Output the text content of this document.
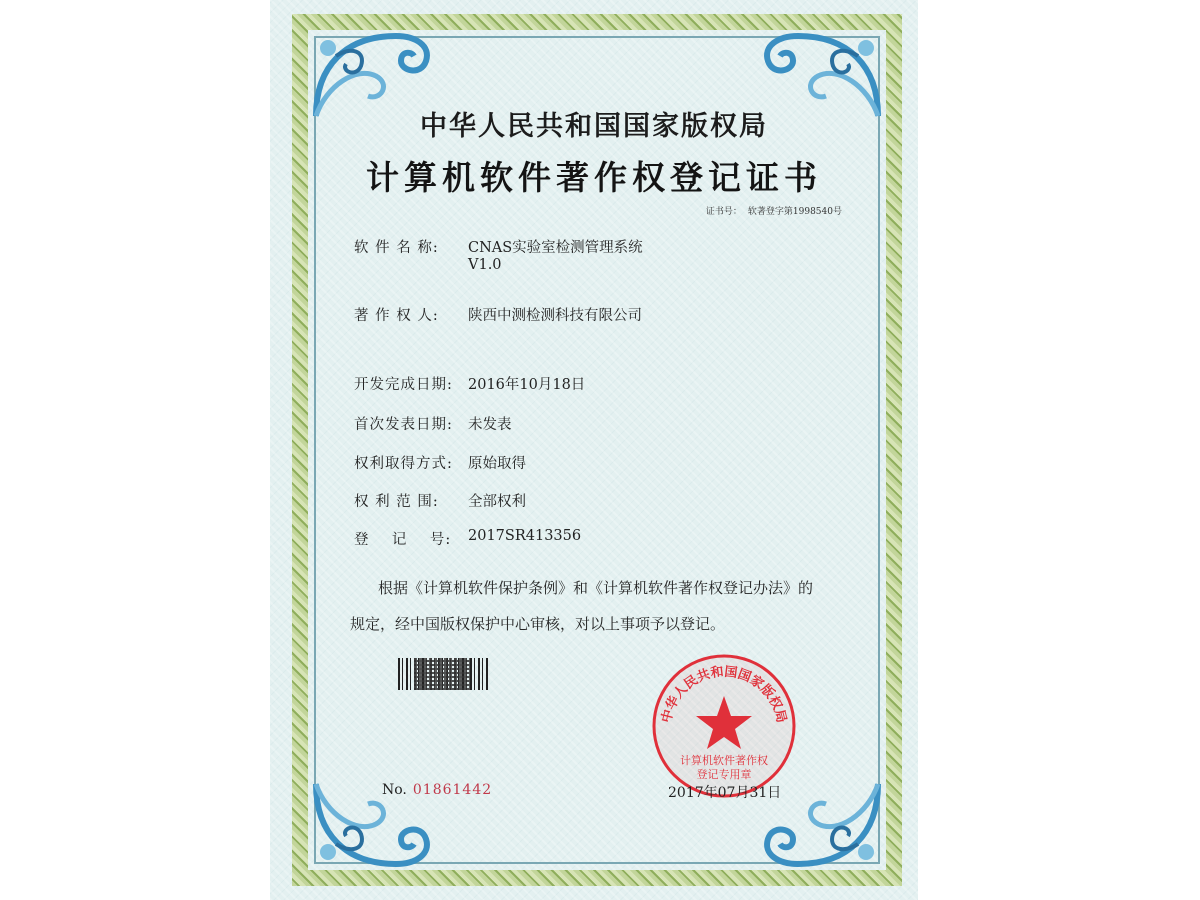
中华人民共和国国家版权局
计算机软件著作权登记证书
证书号： 软著登字第1998540号
软 件 名 称: CNAS实验室检测管理系统
V1.0
著 作 权 人: 陕西中测检测科技有限公司
开发完成日期: 2016年10月18日
首次发表日期: 未发表
权利取得方式: 原始取得
权 利 范 围: 全部权利
登    记    号: 2017SR413356
根据《计算机软件保护条例》和《计算机软件著作权登记办法》的
规定，经中国版权保护中心审核，对以上事项予以登记。
中华人民共和国国家版权局
计算机软件著作权
登记专用章
No. 01861442	2017年07月31日
